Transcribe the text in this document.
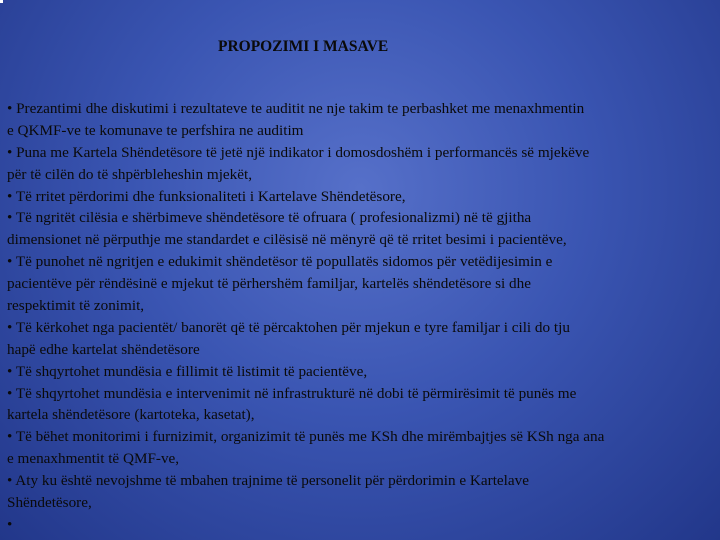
PROPOZIMI I MASAVE
• Prezantimi dhe diskutimi i rezultateve te auditit ne nje takim te perbashket me menaxhmentin
e QKMF-ve te komunave te perfshira ne auditim
• Puna me Kartela Shëndetësore të jetë një indikator i domosdoshëm i performancës së mjekëve
për të cilën do të shpërbleheshin mjekët,
• Të rritet përdorimi dhe funksionaliteti i Kartelave Shëndetësore,
• Të ngritët cilësia e shërbimeve shëndetësore të ofruara ( profesionalizmi) në të gjitha
dimensionet në përputhje me standardet e cilësisë në mënyrë që të rritet besimi i pacientëve,
• Të punohet në ngritjen e edukimit shëndetësor të popullatës sidomos për vetëdijesimin e
pacientëve për rëndësinë e mjekut të përhershëm familjar, kartelës shëndetësore si dhe
respektimit të zonimit,
• Të kërkohet nga pacientët/ banorët që të përcaktohen për mjekun e tyre familjar i cili do tju
hapë edhe kartelat shëndetësore
• Të shqyrtohet mundësia e fillimit të listimit të pacientëve,
• Të shqyrtohet mundësia e intervenimit në infrastrukturë në dobi të përmirësimit të punës me
kartela shëndetësore (kartoteka, kasetat),
• Të bëhet monitorimi i furnizimit, organizimit të punës me KSh dhe mirëmbajtjes së KSh nga ana
e menaxhmentit të QMF-ve,
• Aty ku është nevojshme të mbahen trajnime të personelit për përdorimin e Kartelave
Shëndetësore,
•
